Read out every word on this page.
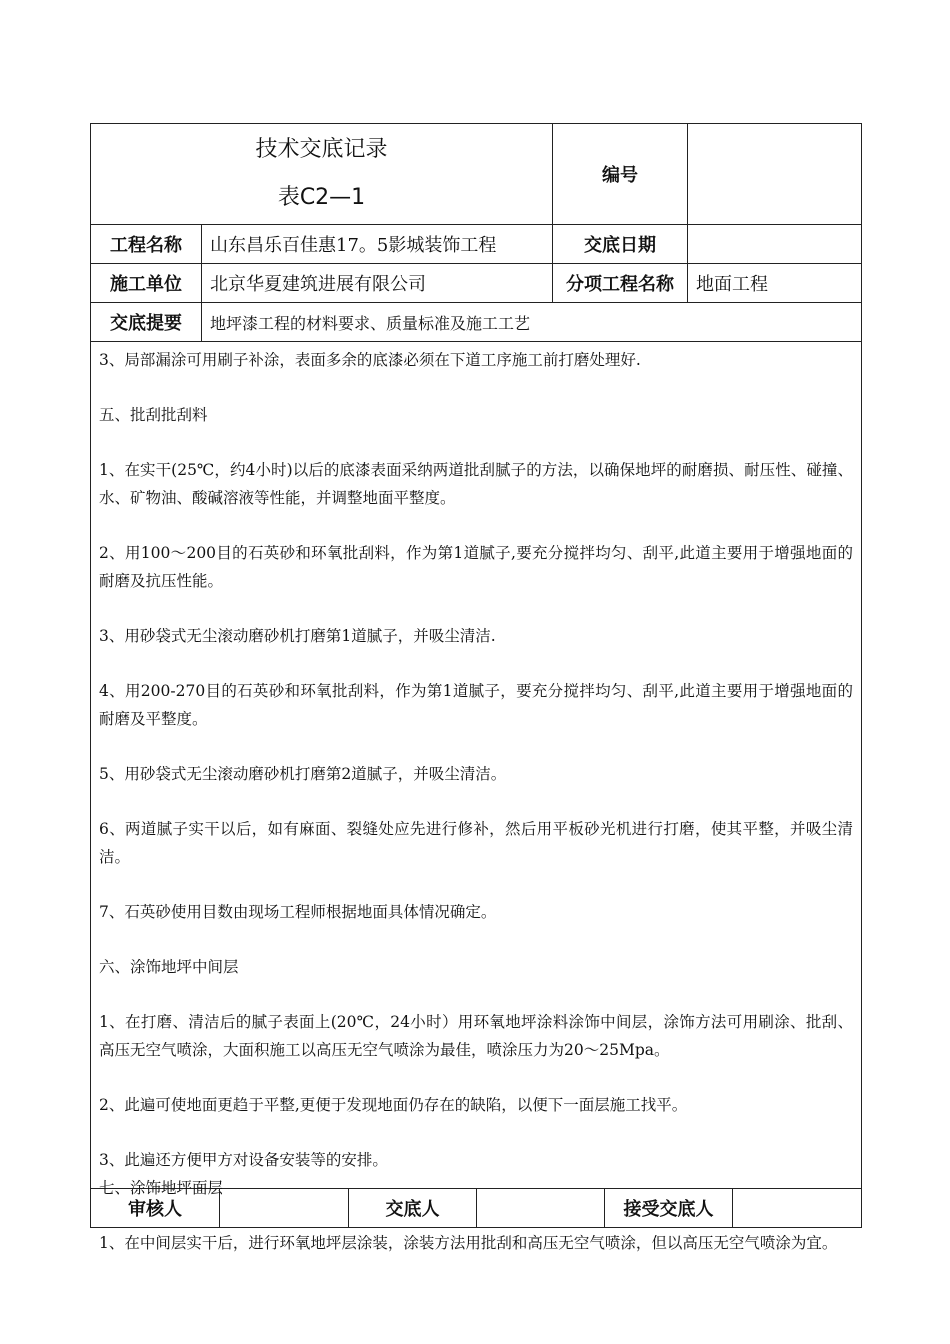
技术交底记录
表C2—1
编号
工程名称	山东昌乐百佳惠17。5影城装饰工程	交底日期
施工单位	北京华夏建筑进展有限公司	分项工程名称	地面工程
交底提要	地坪漆工程的材料要求、质量标准及施工工艺

3、局部漏涂可用刷子补涂，表面多余的底漆必须在下道工序施工前打磨处理好.

五、批刮批刮料

1、在实干(25℃，约4小时)以后的底漆表面采纳两道批刮腻子的方法，以确保地坪的耐磨损、耐压性、碰撞、水、矿物油、酸碱溶液等性能，并调整地面平整度。

2、用100～200目的石英砂和环氧批刮料，作为第1道腻子,要充分搅拌均匀、刮平,此道主要用于增强地面的耐磨及抗压性能。

3、用砂袋式无尘滚动磨砂机打磨第1道腻子，并吸尘清洁.

4、用200-270目的石英砂和环氧批刮料，作为第1道腻子，要充分搅拌均匀、刮平,此道主要用于增强地面的耐磨及平整度。

5、用砂袋式无尘滚动磨砂机打磨第2道腻子，并吸尘清洁。

6、两道腻子实干以后，如有麻面、裂缝处应先进行修补，然后用平板砂光机进行打磨，使其平整，并吸尘清洁。

7、石英砂使用目数由现场工程师根据地面具体情况确定。

六、涂饰地坪中间层

1、在打磨、清洁后的腻子表面上(20℃，24小时）用环氧地坪涂料涂饰中间层，涂饰方法可用刷涂、批刮、高压无空气喷涂，大面积施工以高压无空气喷涂为最佳，喷涂压力为20～25Mpa。

2、此遍可使地面更趋于平整,更便于发现地面仍存在的缺陷，以便下一面层施工找平。

3、此遍还方便甲方对设备安装等的安排。

七、涂饰地坪面层

1、在中间层实干后，进行环氧地坪层涂装，涂装方法用批刮和高压无空气喷涂，但以高压无空气喷涂为宜。

审核人	交底人	接受交底人
